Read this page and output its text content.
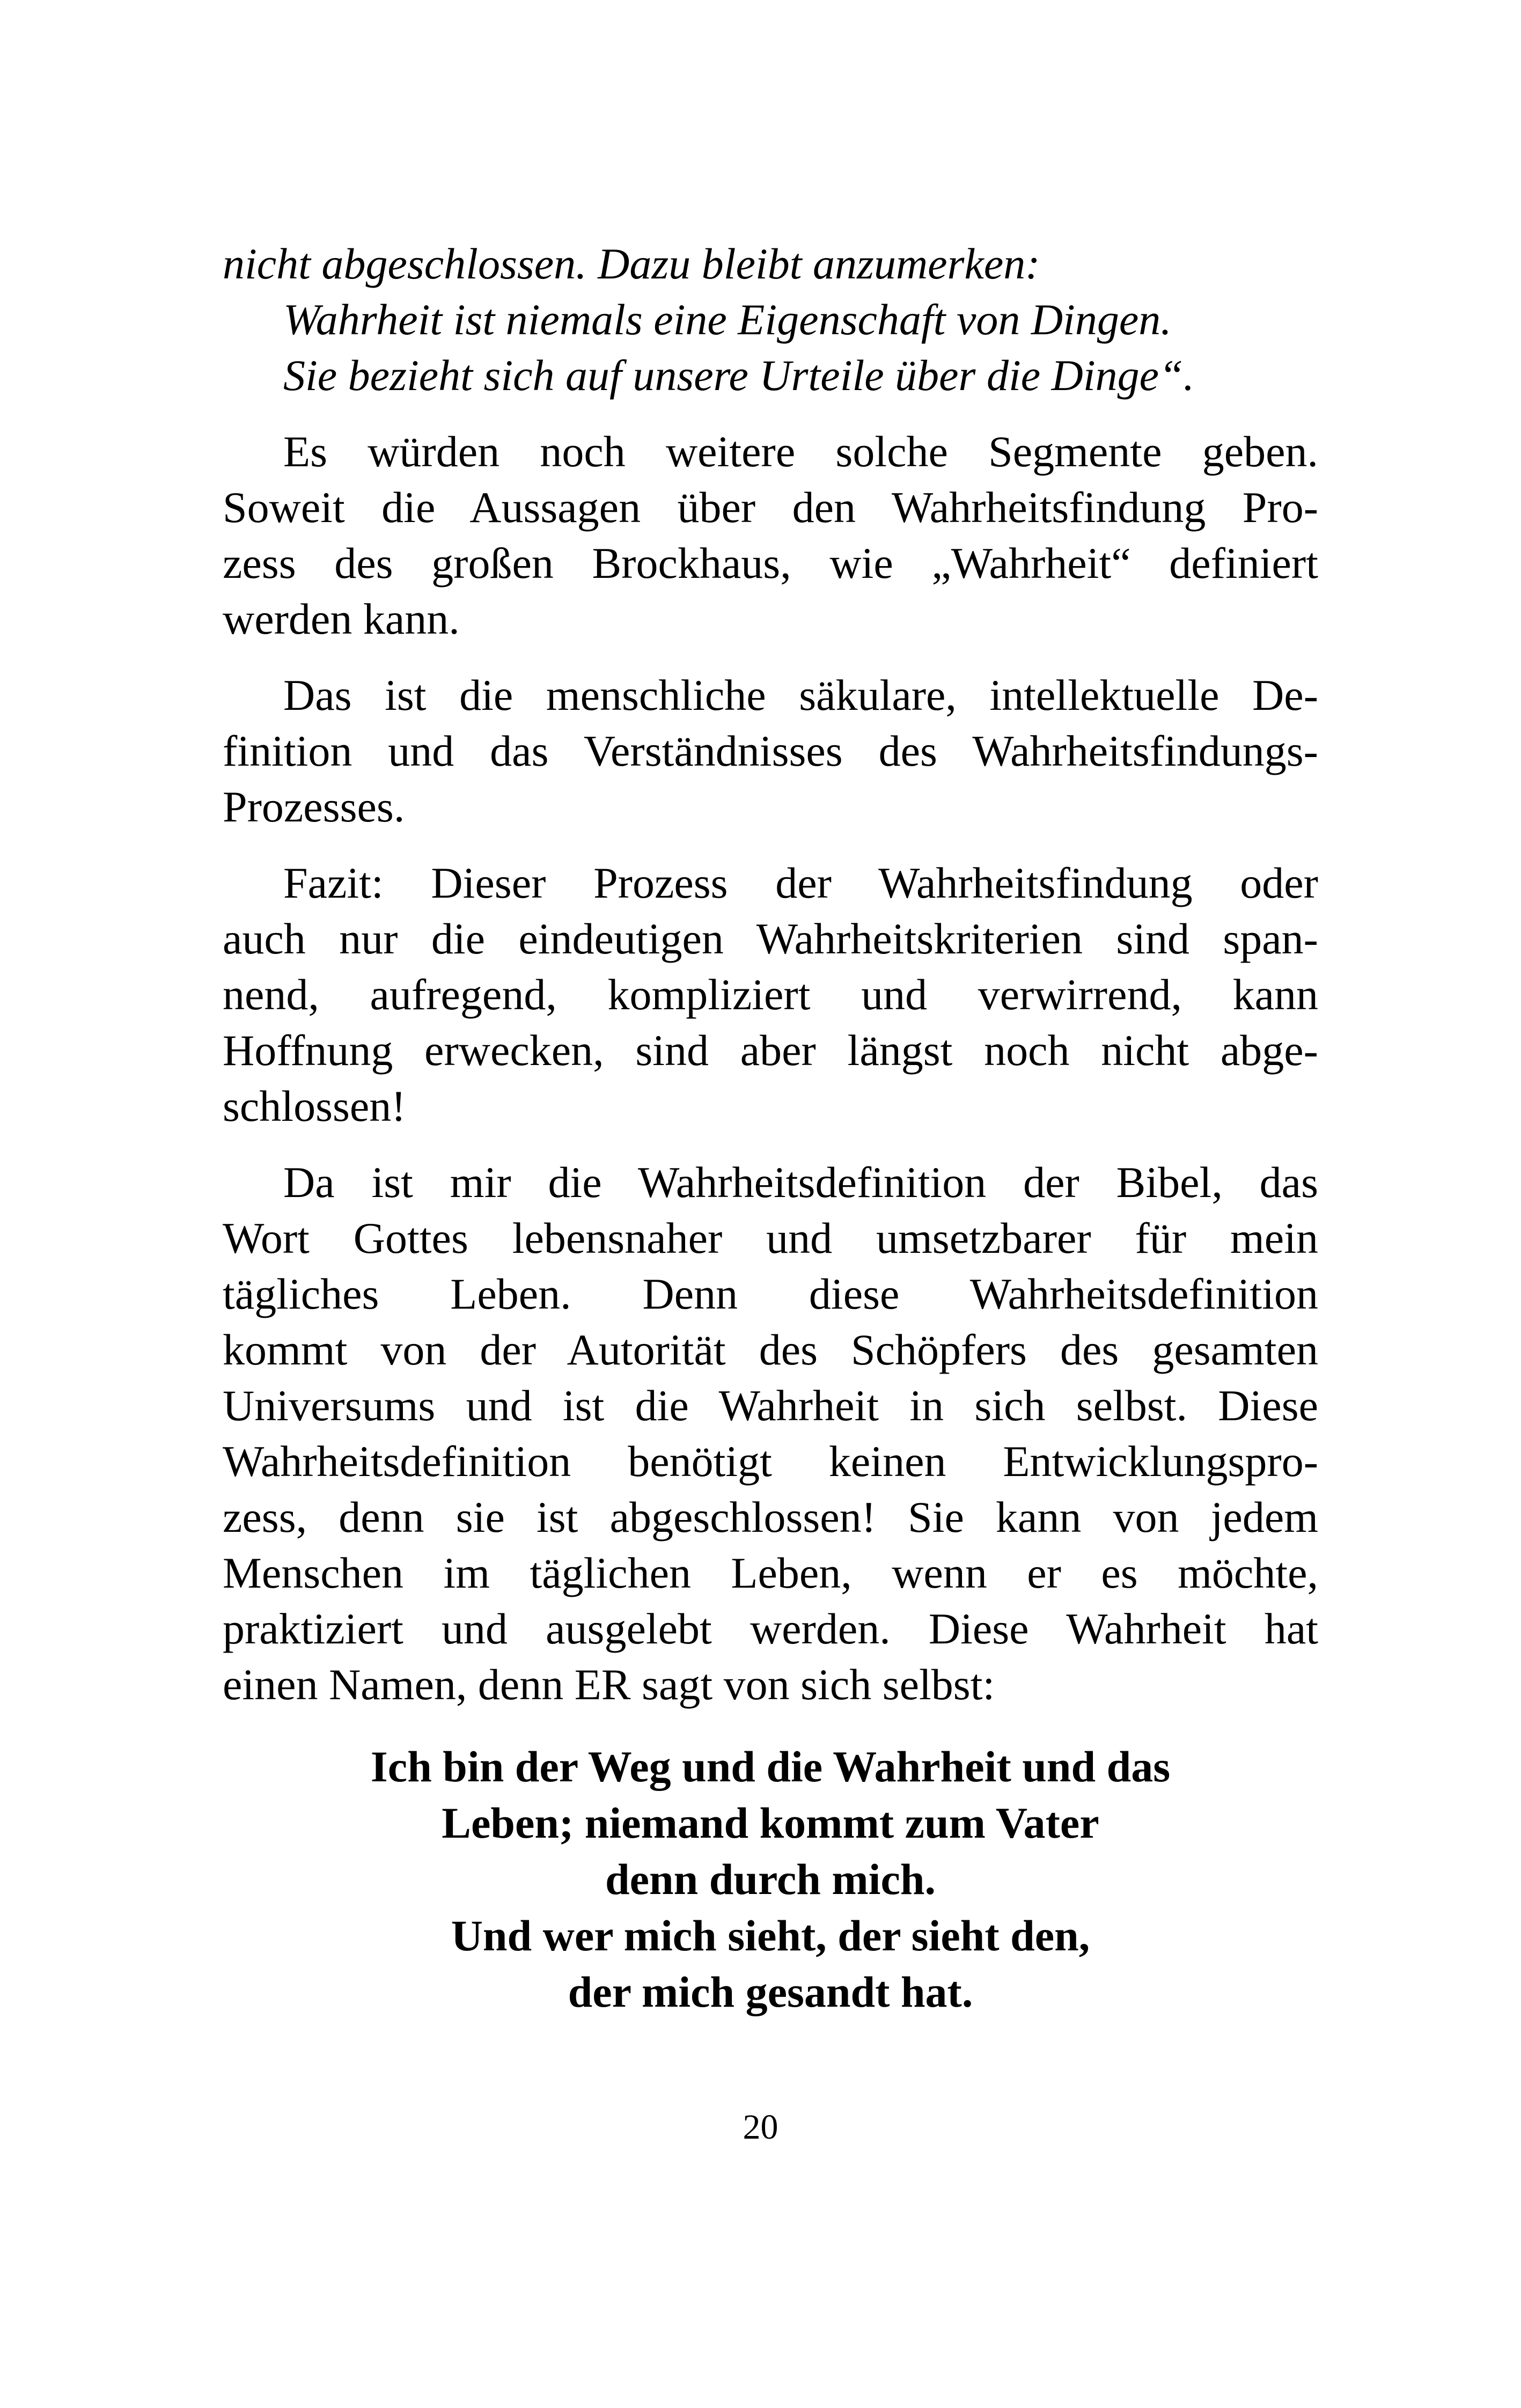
nicht abgeschlossen. Dazu bleibt anzumerken:
Wahrheit ist niemals eine Eigenschaft von Dingen.
Sie bezieht sich auf unsere Urteile über die Dinge“.
Es würden noch weitere solche Segmente geben.
Soweit die Aussagen über den Wahrheitsfindung Pro-
zess des großen Brockhaus, wie „Wahrheit“ definiert
werden kann.
Das ist die menschliche säkulare, intellektuelle De-
finition und das Verständnisses des Wahrheitsfindungs-
Prozesses.
Fazit: Dieser Prozess der Wahrheitsfindung oder
auch nur die eindeutigen Wahrheitskriterien sind span-
nend, aufregend, kompliziert und verwirrend, kann
Hoffnung erwecken, sind aber längst noch nicht abge-
schlossen!
Da ist mir die Wahrheitsdefinition der Bibel, das
Wort Gottes lebensnaher und umsetzbarer für mein
tägliches Leben. Denn diese Wahrheitsdefinition
kommt von der Autorität des Schöpfers des gesamten
Universums und ist die Wahrheit in sich selbst. Diese
Wahrheitsdefinition benötigt keinen Entwicklungspro-
zess, denn sie ist abgeschlossen! Sie kann von jedem
Menschen im täglichen Leben, wenn er es möchte,
praktiziert und ausgelebt werden. Diese Wahrheit hat
einen Namen, denn ER sagt von sich selbst:
Ich bin der Weg und die Wahrheit und das
Leben; niemand kommt zum Vater
denn durch mich.
Und wer mich sieht, der sieht den,
der mich gesandt hat.
20
